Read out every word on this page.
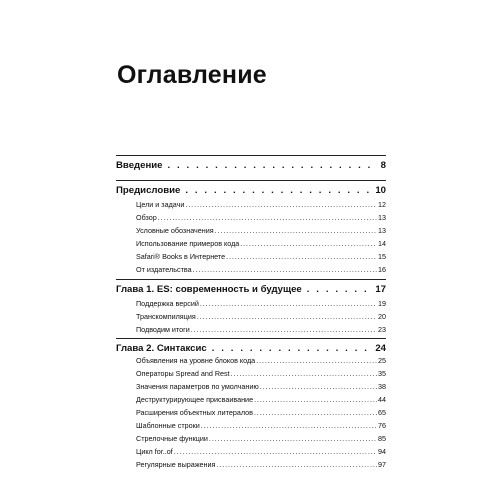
Оглавление
Введение . . .	8
Предисловие . . .	10
Цели и задачи .....	12
Обзор .....	13
Условные обозначения .....	13
Использование примеров кода .....	14
Safari® Books в Интернете .....	15
От издательства .....	16
Глава 1. ES: современность и будущее . . .	17
Поддержка версий .....	19
Транскомпиляция .....	20
Подводим итоги .....	23
Глава 2. Синтаксис . . .	24
Объявления на уровне блоков кода .....	25
Операторы Spread and Rest .....	35
Значения параметров по умолчанию .....	38
Деструктурирующее присваивание .....	44
Расширения объектных литералов .....	65
Шаблонные строки .....	76
Стрелочные функции .....	85
Цикл for..of .....	94
Регулярные выражения .....	97
